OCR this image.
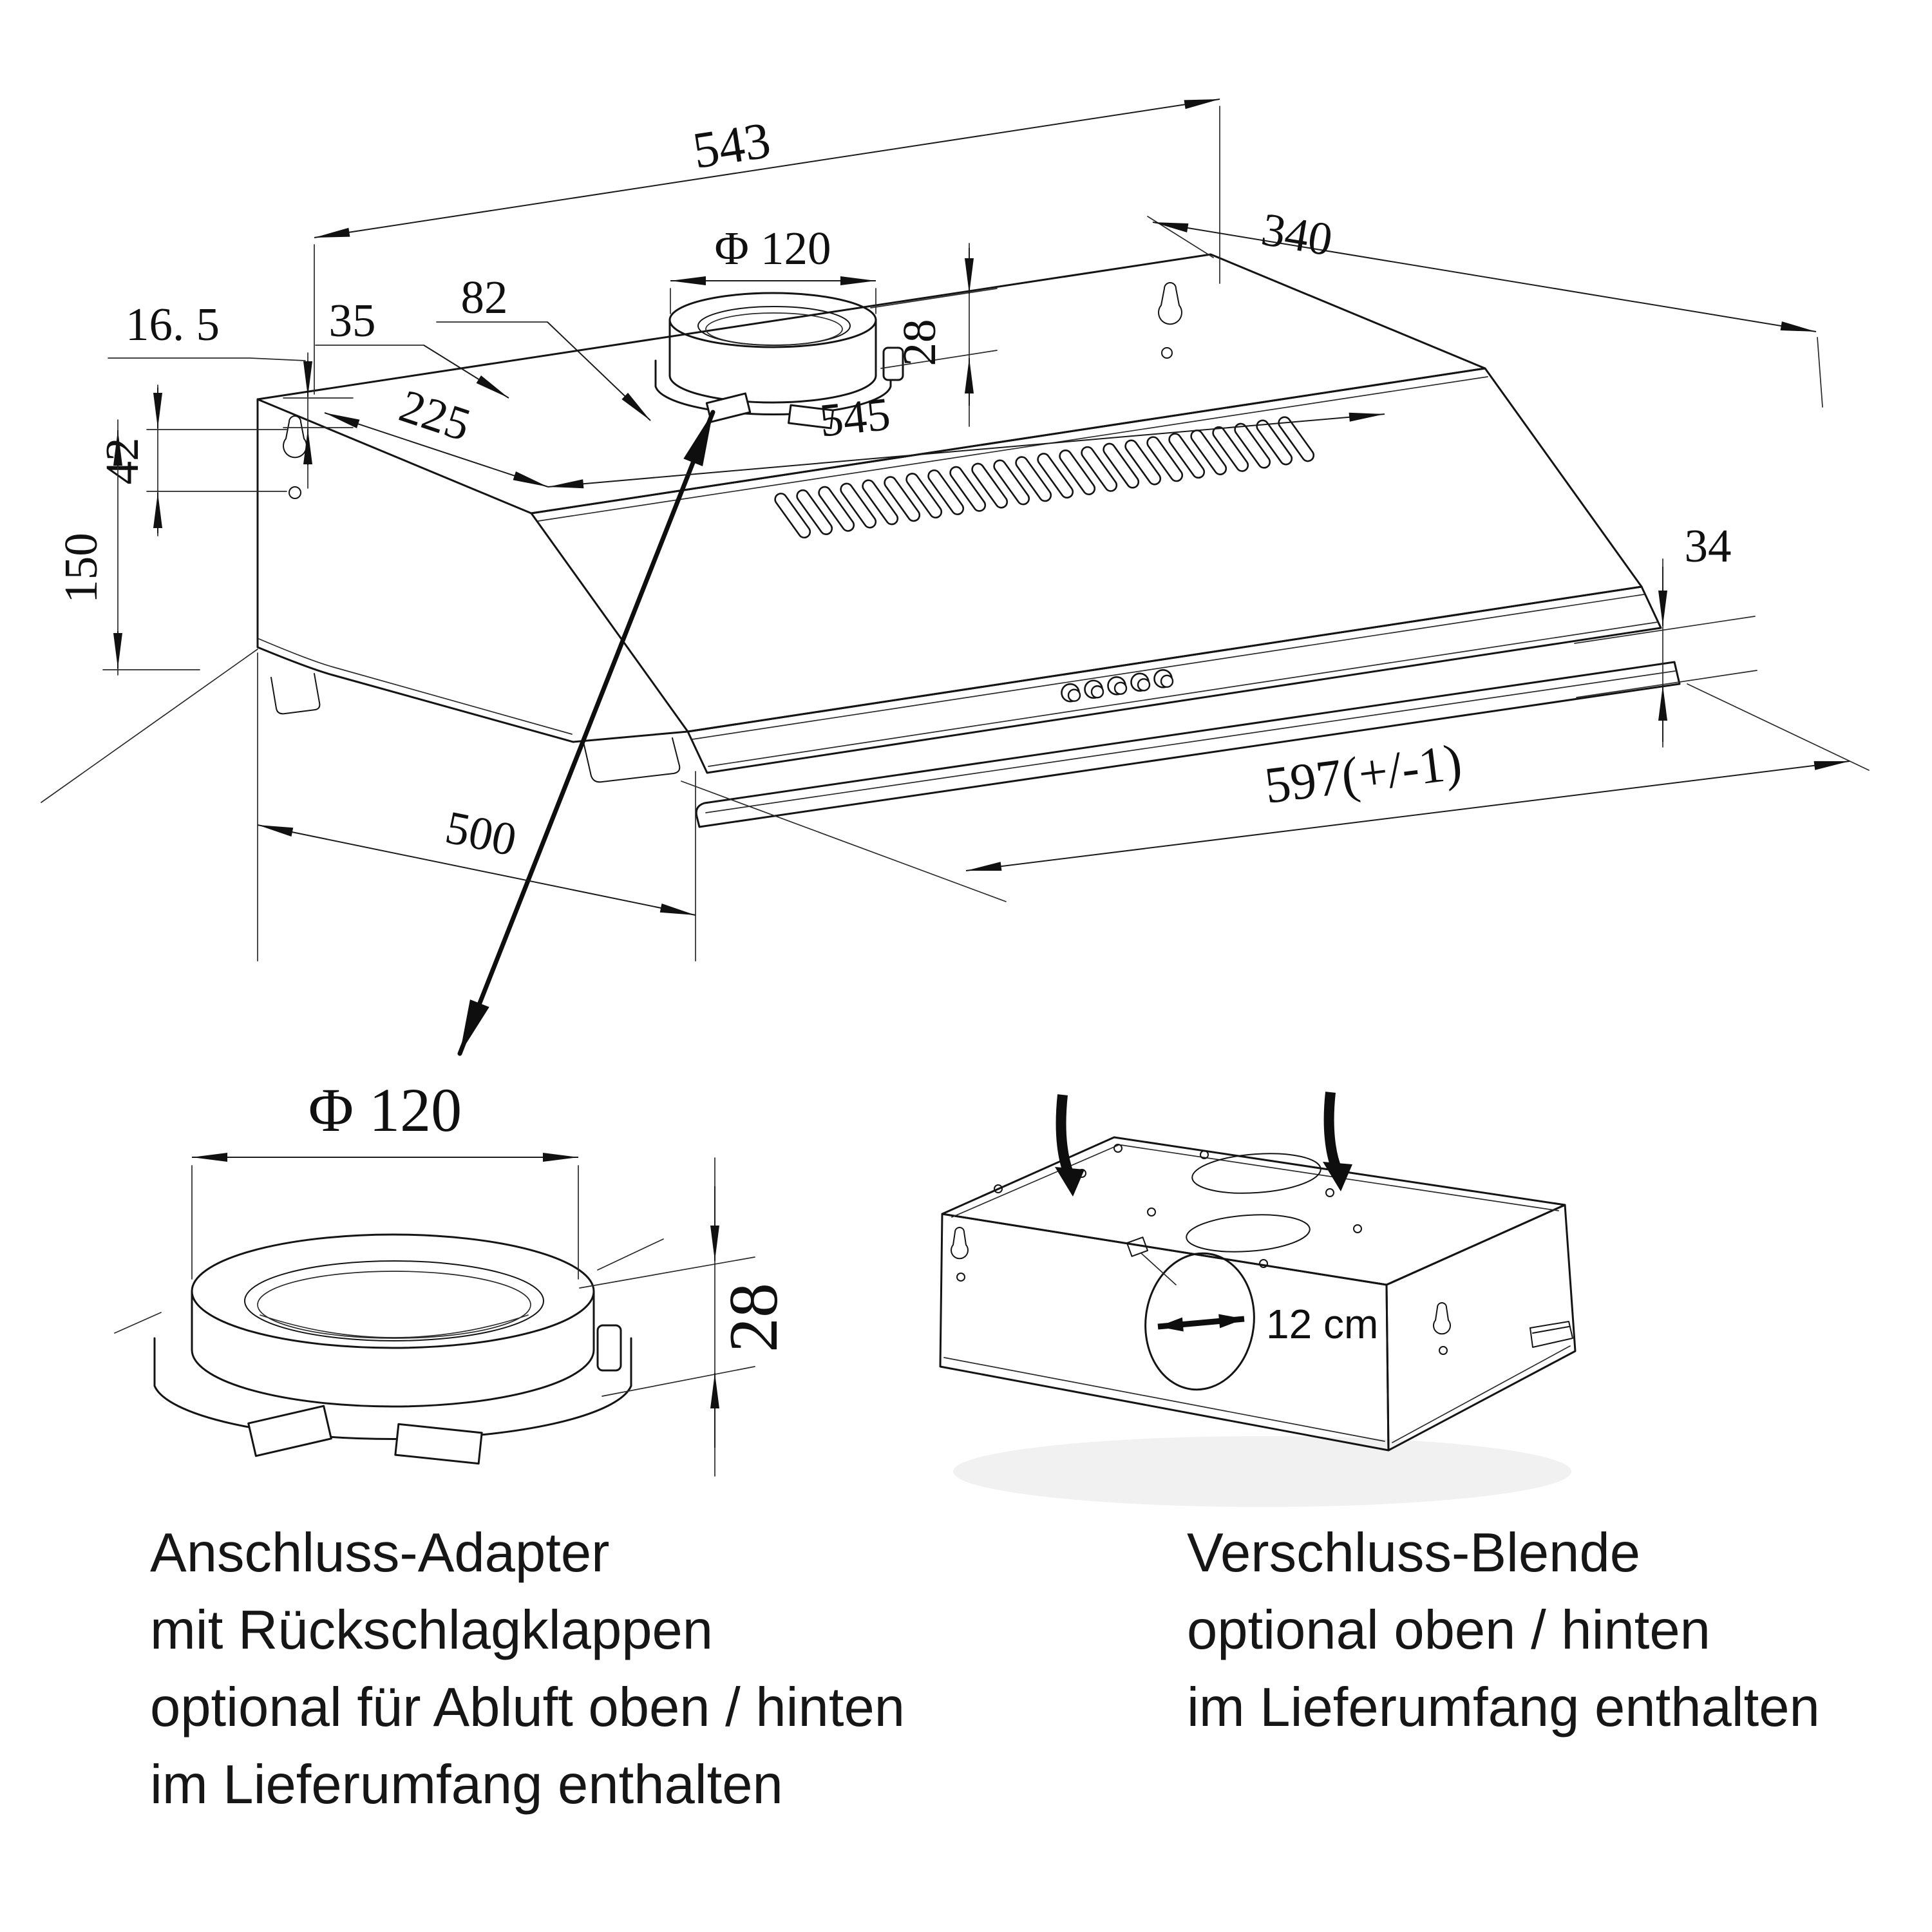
543
Φ 120
28
82
35
16. 5
42
150
225	545
340
34
597(+/-1)
500
Φ 120
28
Anschluss-Adapter
mit Rückschlagklappen
optional für Abluft oben / hinten
im Lieferumfang enthalten
12 cm
Verschluss-Blende
optional oben / hinten
im Lieferumfang enthalten
